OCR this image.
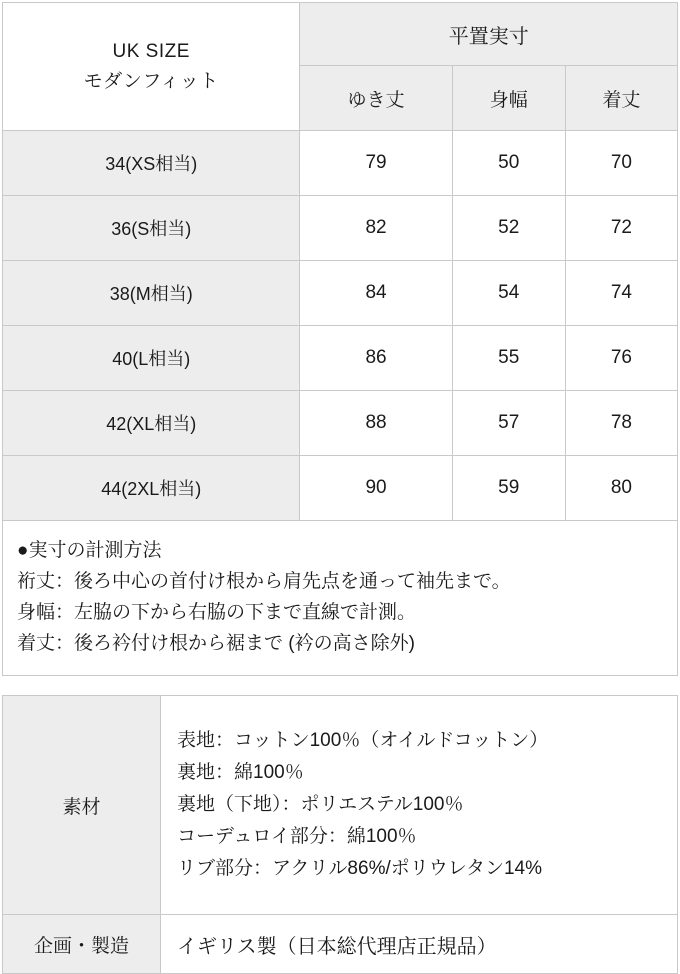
UK SIZE
モダンフィット	平置実寸		
	ゆき丈	身幅	着丈
34(XS相当)	79	50	70
36(S相当)	82	52	72
38(M相当)	84	54	74
40(L相当)	86	55	76
42(XL相当)	88	57	78
44(2XL相当)	90	59	80
●実寸の計測方法
裄丈：後ろ中心の首付け根から肩先点を通って袖先まで。
身幅：左脇の下から右脇の下まで直線で計測。
着丈：後ろ衿付け根から裾まで (衿の高さ除外)
素材	表地：コットン100％（オイルドコットン）
裏地：綿100％
裏地（下地）：ポリエステル100％
コーデュロイ部分：綿100％
リブ部分：アクリル86%/ポリウレタン14%

企画・製造	イギリス製（日本総代理店正規品）
